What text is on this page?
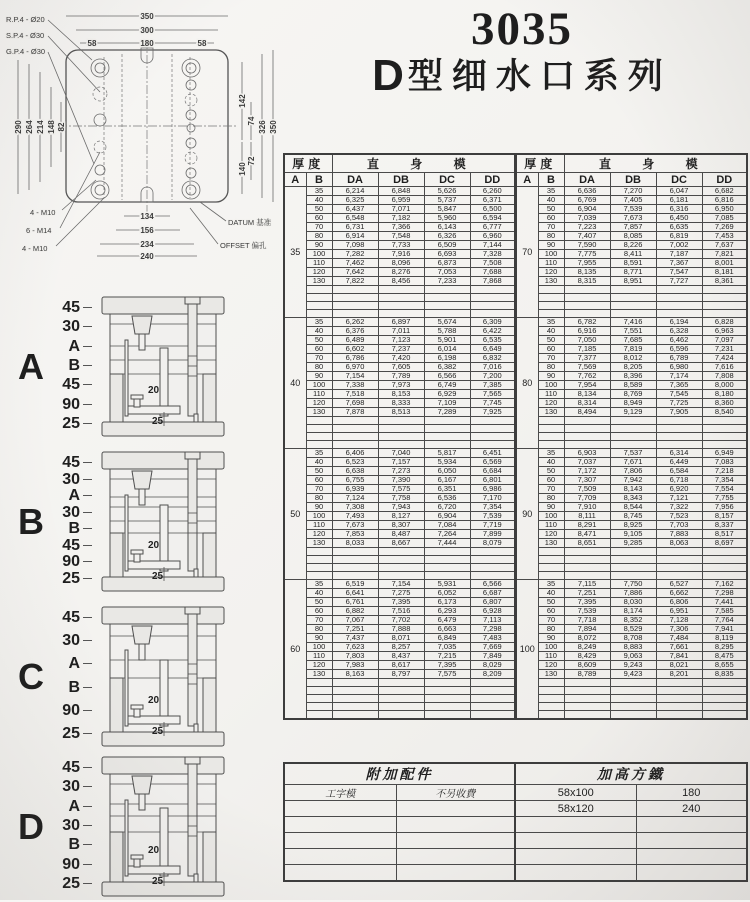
3035
D型细水口系列
350
300
58	180	58
290 264 214 148 82
142
74
72
140
326 350
134
156
234
240
R.P.4 - Ø20
S.P.4 - Ø30
G.P.4 - Ø30
4 - M10
6 - M14
4 - M10
DATUM 基准
OFFSET 偏孔
A
45
30
A
B
45
90
25
20
25
B
45
30
A
30
B
45
90
25
20
25
C
45
30
A
B
90
25
20
25
D
45
30
A
30
B
90
25
20
25
厚度		直 身 模			
A	B	DA	DB	DC	DD
35	35	6,214	6,848	5,626	6,260
	40	6,325	6,959	5,737	6,371
	50	6,437	7,071	5,847	6,500
	60	6,548	7,182	5,960	6,594
	70	6,731	7,366	6,143	6,777
	80	6,914	7,548	6,326	6,960
	90	7,098	7,733	6,509	7,144
	100	7,282	7,916	6,693	7,328
	110	7,462	8,096	6,873	7,508
	120	7,642	8,276	7,053	7,688
	130	7,822	8,456	7,233	7,868

40	35	6,262	6,897	5,674	6,309
	40	6,376	7,011	5,788	6,422
	50	6,489	7,123	5,901	6,535
	60	6,602	7,237	6,014	6,649
	70	6,786	7,420	6,198	6,832
	80	6,970	7,605	6,382	7,016
	90	7,154	7,789	6,566	7,200
	100	7,338	7,973	6,749	7,385
	110	7,518	8,153	6,929	7,565
	120	7,698	8,333	7,109	7,745
	130	7,878	8,513	7,289	7,925

50	35	6,406	7,040	5,817	6,451
	40	6,523	7,157	5,934	6,569
	50	6,638	7,273	6,050	6,684
	60	6,755	7,390	6,167	6,801
	70	6,939	7,575	6,351	6,986
	80	7,124	7,758	6,536	7,170
	90	7,308	7,943	6,720	7,354
	100	7,493	8,127	6,904	7,539
	110	7,673	8,307	7,084	7,719
	120	7,853	8,487	7,264	7,899
	130	8,033	8,667	7,444	8,079

60	35	6,519	7,154	5,931	6,566
	40	6,641	7,275	6,052	6,687
	50	6,761	7,395	6,173	6,807
	60	6,882	7,516	6,293	6,928
	70	7,067	7,702	6,479	7,113
	80	7,251	7,888	6,663	7,298
	90	7,437	8,071	6,849	7,483
	100	7,623	8,257	7,035	7,669
	110	7,803	8,437	7,215	7,849
	120	7,983	8,617	7,395	8,029
	130	8,163	8,797	7,575	8,209

厚度		直 身 模			
A	B	DA	DB	DC	DD
70	35	6,636	7,270	6,047	6,682
	40	6,769	7,405	6,181	6,816
	50	6,904	7,539	6,316	6,950
	60	7,039	7,673	6,450	7,085
	70	7,223	7,857	6,635	7,269
	80	7,407	8,085	6,819	7,453
	90	7,590	8,226	7,002	7,637
	100	7,775	8,411	7,187	7,821
	110	7,955	8,591	7,367	8,001
	120	8,135	8,771	7,547	8,181
	130	8,315	8,951	7,727	8,361

80	35	6,782	7,416	6,194	6,828
	40	6,916	7,551	6,328	6,963
	50	7,050	7,685	6,462	7,097
	60	7,185	7,819	6,596	7,231
	70	7,377	8,012	6,789	7,424
	80	7,569	8,205	6,980	7,616
	90	7,762	8,396	7,174	7,808
	100	7,954	8,589	7,365	8,000
	110	8,134	8,769	7,545	8,180
	120	8,314	8,949	7,725	8,360
	130	8,494	9,129	7,905	8,540

90	35	6,903	7,537	6,314	6,949
	40	7,037	7,671	6,449	7,083
	50	7,172	7,806	6,584	7,218
	60	7,307	7,942	6,718	7,354
	70	7,509	8,143	6,920	7,554
	80	7,709	8,343	7,121	7,755
	90	7,910	8,544	7,322	7,956
	100	8,111	8,745	7,523	8,157
	110	8,291	8,925	7,703	8,337
	120	8,471	9,105	7,883	8,517
	130	8,651	9,285	8,063	8,697

100	35	7,115	7,750	6,527	7,162
	40	7,251	7,886	6,662	7,298
	50	7,395	8,030	6,806	7,441
	60	7,539	8,174	6,951	7,585
	70	7,718	8,352	7,128	7,764
	80	7,894	8,529	7,306	7,941
	90	8,072	8,708	7,484	8,119
	100	8,249	8,883	7,661	8,295
	110	8,429	9,063	7,841	8,475
	120	8,609	9,243	8,021	8,655
	130	8,789	9,423	8,201	8,835

附加配件		加高方鐵	
工字模	不另收費	58x100	180
		58x120	240
